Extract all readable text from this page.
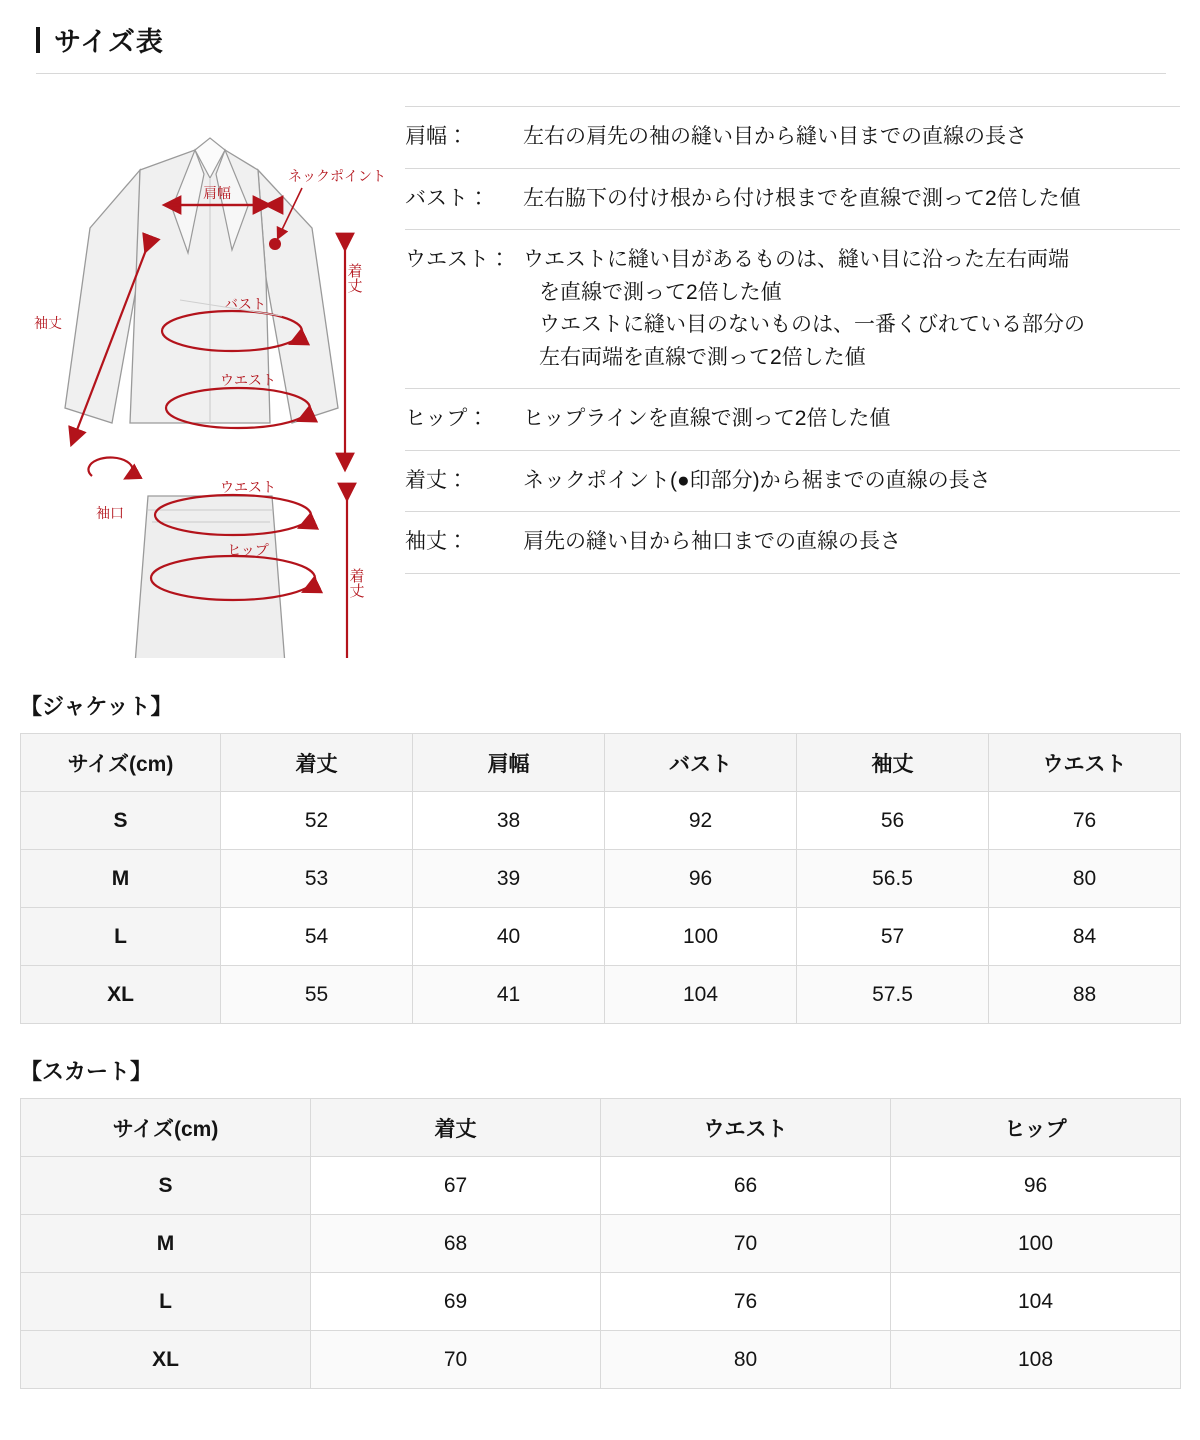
サイズ表
肩幅
ネックポイント
着丈
袖丈
バスト
ウエスト
袖口
ウエスト
ヒップ
着丈
肩幅：	左右の肩先の袖の縫い目から縫い目までの直線の長さ
バスト：	左右脇下の付け根から付け根までを直線で測って2倍した値
ウエスト： ウエストに縫い目があるものは、縫い目に沿った左右両端
を直線で測って2倍した値
ウエストに縫い目のないものは、一番くびれている部分の
左右両端を直線で測って2倍した値
ヒップ：	ヒップラインを直線で測って2倍した値
着丈：	ネックポイント(●印部分)から裾までの直線の長さ
袖丈：	肩先の縫い目から袖口までの直線の長さ
【ジャケット】
サイズ(cm)	着丈	肩幅	バスト	袖丈	ウエスト
S	52	38	92	56	76
M	53	39	96	56.5	80
L	54	40	100	57	84
XL	55	41	104	57.5	88
【スカート】
サイズ(cm)	着丈	ウエスト	ヒップ
S	67	66	96
M	68	70	100
L	69	76	104
XL	70	80	108
